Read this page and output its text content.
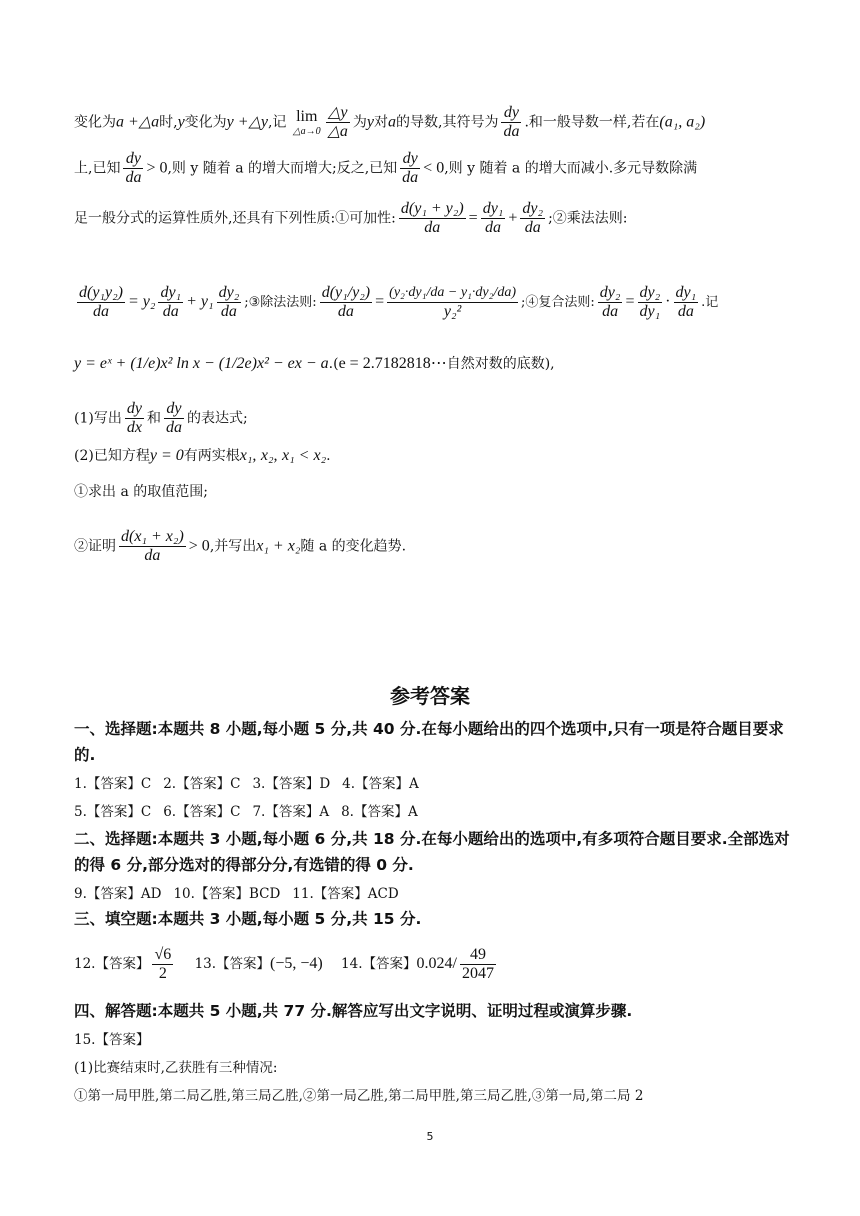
变化为a +△a时,y变化为y +△y,记 lim
△a→0 $\frac{\triangle y}{\triangle a}$ 为y对a的导数,其符号为 $\frac{dy}{da}$ .和一般导数一样,若在(a₁, a₂)
上,已知 $\frac{dy}{da} > 0$,则 y 随着 a 的增大而增大;反之,已知 $\frac{dy}{da} < 0$,则 y 随着 a 的增大而减小.多元导数除满
足一般分式的运算性质外,还具有下列性质:①可加性: $\frac{\text{d(y₁ + y₂)}}{da} = \frac{\text{dy₁}}{da} + \frac{\text{dy₂}}{da}$ ;②乘法法则:
$\frac{\text{d(y₁y₂)}}{da} = y_2 \frac{\text{dy₁}}{da} + y_1 \frac{\text{dy₂}}{da}$ ;③除法法则: $\frac{\text{d(y₁/y₂)}}{da} = \frac{\text{(y₂·dy₁/da − y₁·dy₂/da)}}{\text{y₂²}}$ ;④复合法则: $\frac{\text{dy₂}}{da} = \frac{\text{dy₂}}{\text{dy₁}} \cdot \frac{\text{dy₁}}{da}$ .记
y = eˣ + (1/e)x² ln x − (1/2e)x² − ex − a.(e = 2.7182818⋯自然对数的底数),
(1)写出 $\frac{dy}{dx}$ 和 $\frac{dy}{da}$ 的表达式;
(2)已知方程y = 0有两实根x₁, x₂, x₁ < x₂.
①求出 a 的取值范围;
②证明 $\frac{\text{d(x₁ + x₂)}}{da} > 0$,并写出x₁ + x₂随 a 的变化趋势.
参考答案
一、选择题:本题共 8 小题,每小题 5 分,共 40 分.在每小题给出的四个选项中,只有一项是符合题目要求的.
1.【答案】C 2.【答案】C 3.【答案】D 4.【答案】A
5.【答案】C 6.【答案】C 7.【答案】A 8.【答案】A
二、选择题:本题共 3 小题,每小题 6 分,共 18 分.在每小题给出的选项中,有多项符合题目要求.全部选对的得 6 分,部分选对的得部分分,有选错的得 0 分.
9.【答案】AD 10.【答案】BCD 11.【答案】ACD
三、填空题:本题共 3 小题,每小题 5 分,共 15 分.
12.【答案】 $\frac{√6}{2} 13$.【答案】(−5, −4) 14.【答案】$0.024/ \frac{49}{2047}$
四、解答题:本题共 5 小题,共 77 分.解答应写出文字说明、证明过程或演算步骤.
15.【答案】
(1)比赛结束时,乙获胜有三种情况:
①第一局甲胜,第二局乙胜,第三局乙胜,②第一局乙胜,第二局甲胜,第三局乙胜,③第一局,第二局 2
5
